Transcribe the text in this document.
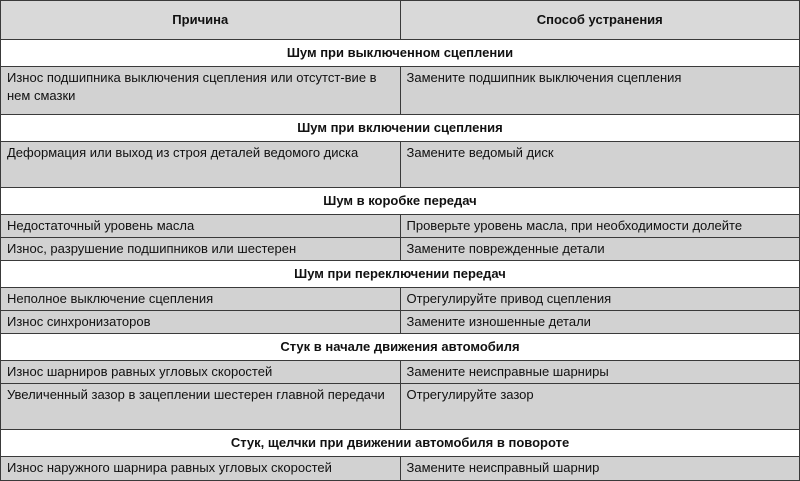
Причина	Способ устранения
Шум при выключенном сцеплении	
Износ подшипника выключения сцепления или отсутст-вие в нем смазки	Замените подшипник выключения сцепления
Шум при включении сцепления	
Деформация или выход из строя деталей ведомого диска	Замените ведомый диск
Шум в коробке передач	
Недостаточный уровень масла	Проверьте уровень масла, при необходимости долейте
Износ, разрушение подшипников или шестерен	Замените поврежденные детали
Шум при переключении передач	
Неполное выключение сцепления	Отрегулируйте привод сцепления
Износ синхронизаторов	Замените изношенные детали
Стук в начале движения автомобиля	
Износ шарниров равных угловых скоростей	Замените неисправные шарниры
Увеличенный зазор в зацеплении шестерен главной передачи	Отрегулируйте зазор
Стук, щелчки при движении автомобиля в повороте	
Износ наружного шарнира равных угловых скоростей	Замените неисправный шарнир
